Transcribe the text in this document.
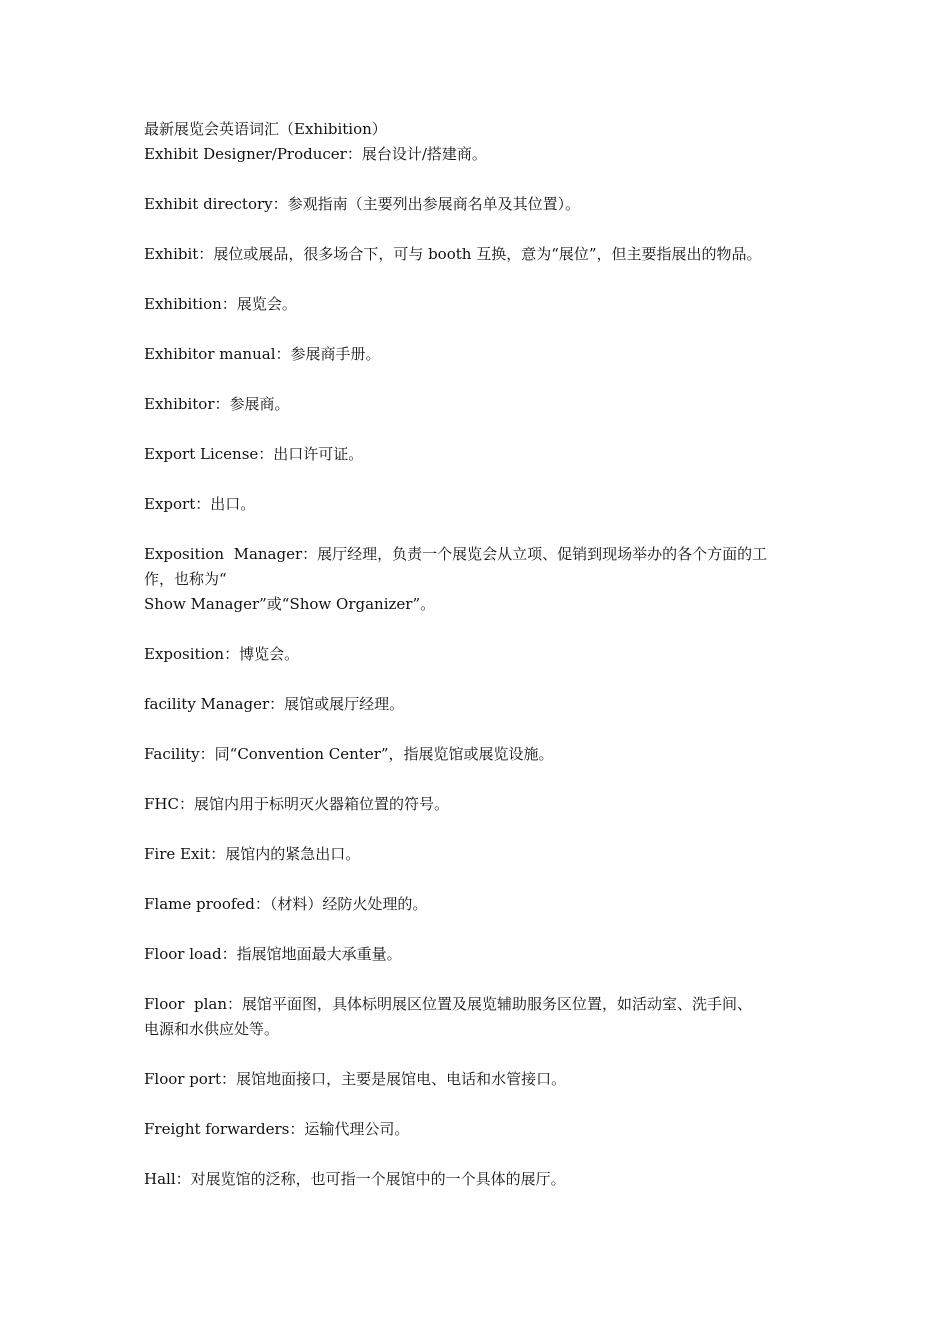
最新展览会英语词汇（Exhibition）

Exhibit Designer/Producer：展台设计/搭建商。

Exhibit directory：参观指南（主要列出参展商名单及其位置）。

Exhibit：展位或展品，很多场合下，可与 booth 互换，意为“展位”，但主要指展出的物品。

Exhibition：展览会。

Exhibitor manual：参展商手册。

Exhibitor：参展商。

Export License：出口许可证。

Export：出口。

Exposition  Manager：展厅经理，负责一个展览会从立项、促销到现场举办的各个方面的工

作，也称为“

Show Manager”或“Show Organizer”。

Exposition：博览会。

facility Manager：展馆或展厅经理。

Facility：同“Convention Center”，指展览馆或展览设施。

FHC：展馆内用于标明灭火器箱位置的符号。

Fire Exit：展馆内的紧急出口。

Flame proofed：（材料）经防火处理的。

Floor load：指展馆地面最大承重量。

Floor  plan：展馆平面图，具体标明展区位置及展览辅助服务区位置，如活动室、洗手间、

电源和水供应处等。

Floor port：展馆地面接口，主要是展馆电、电话和水管接口。

Freight forwarders：运输代理公司。

Hall：对展览馆的泛称，也可指一个展馆中的一个具体的展厅。
